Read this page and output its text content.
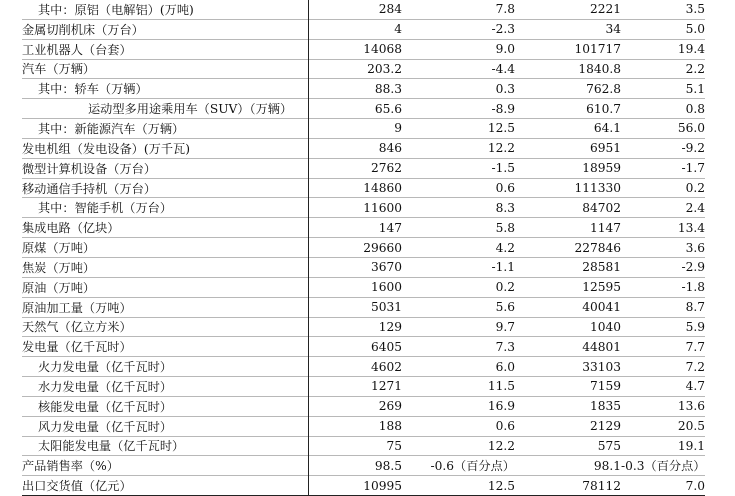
其中：原铝（电解铝）(万吨)	284	7.8	2221	3.5
金属切削机床（万台）	4	-2.3	34	5.0
工业机器人（台套）	14068	9.0	101717	19.4
汽车（万辆）	203.2	-4.4	1840.8	2.2
其中：轿车（万辆）	88.3	0.3	762.8	5.1
运动型多用途乘用车（SUV）（万辆）	65.6	-8.9	610.7	0.8
其中：新能源汽车（万辆）	9	12.5	64.1	56.0
发电机组（发电设备）(万千瓦)	846	12.2	6951	-9.2
微型计算机设备（万台）	2762	-1.5	18959	-1.7
移动通信手持机（万台）	14860	0.6	111330	0.2
其中：智能手机（万台）	11600	8.3	84702	2.4
集成电路（亿块）	147	5.8	1147	13.4
原煤（万吨）	29660	4.2	227846	3.6
焦炭（万吨）	3670	-1.1	28581	-2.9
原油（万吨）	1600	0.2	12595	-1.8
原油加工量（万吨）	5031	5.6	40041	8.7
天然气（亿立方米）	129	9.7	1040	5.9
发电量（亿千瓦时）	6405	7.3	44801	7.7
火力发电量（亿千瓦时）	4602	6.0	33103	7.2
水力发电量（亿千瓦时）	1271	11.5	7159	4.7
核能发电量（亿千瓦时）	269	16.9	1835	13.6
风力发电量（亿千瓦时）	188	0.6	2129	20.5
太阳能发电量（亿千瓦时）	75	12.2	575	19.1
产品销售率（%）	98.5	-0.6（百分点）	98.1	-0.3（百分点）
出口交货值（亿元）	10995	12.5	78112	7.0
